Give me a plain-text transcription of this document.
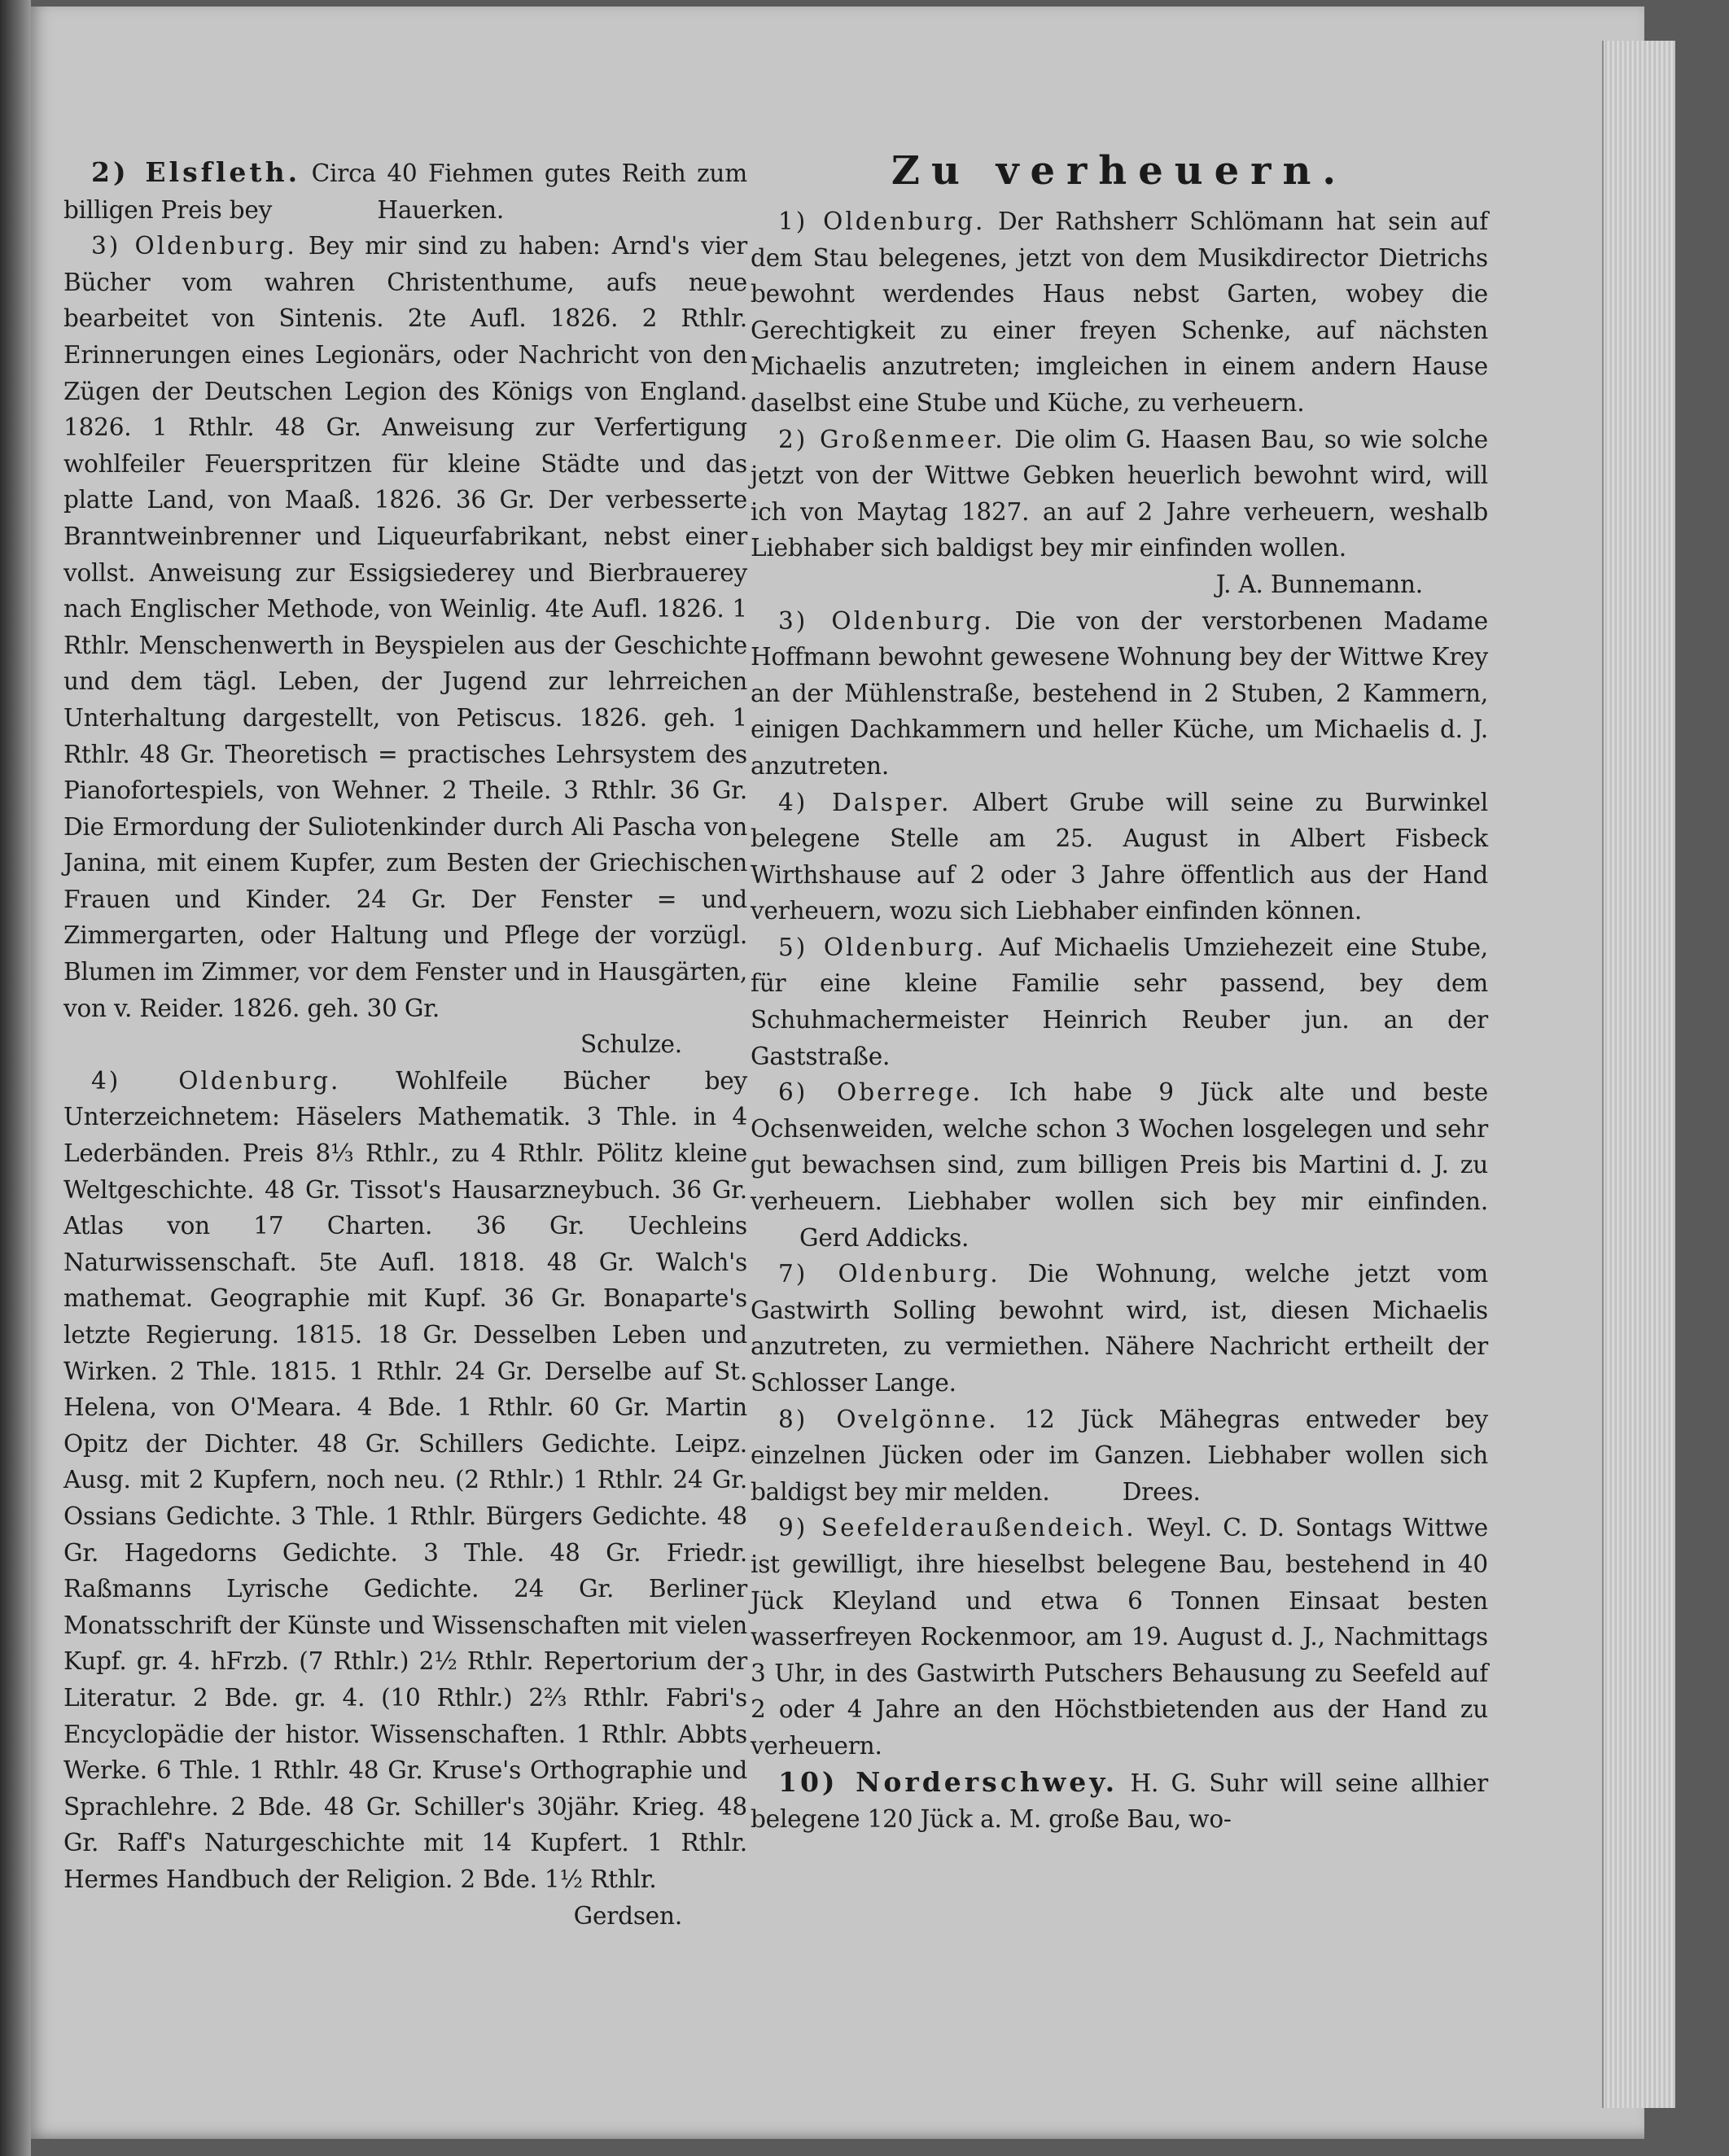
2) Elsfleth. Circa 40 Fiehmen gutes Reith zum billigen Preis bey	Hauerken.

3) Oldenburg. Bey mir sind zu haben: Arnd's vier Bücher vom wahren Christenthume, aufs neue bearbeitet von Sintenis. 2te Aufl. 1826. 2 Rthlr. Erinnerungen eines Legionärs, oder Nachricht von den Zügen der Deutschen Legion des Königs von England. 1826. 1 Rthlr. 48 Gr. Anweisung zur Verfertigung wohlfeiler Feuerspritzen für kleine Städte und das platte Land, von Maaß. 1826. 36 Gr. Der verbesserte Branntweinbrenner und Liqueurfabrikant, nebst einer vollst. Anweisung zur Essigsiederey und Bierbrauerey nach Englischer Methode, von Weinlig. 4te Aufl. 1826. 1 Rthlr. Menschenwerth in Beyspielen aus der Geschichte und dem tägl. Leben, der Jugend zur lehrreichen Unterhaltung dargestellt, von Petiscus. 1826. geh. 1 Rthlr. 48 Gr. Theoretisch = practisches Lehrsystem des Pianofortespiels, von Wehner. 2 Theile. 3 Rthlr. 36 Gr. Die Ermordung der Suliotenkinder durch Ali Pascha von Janina, mit einem Kupfer, zum Besten der Griechischen Frauen und Kinder. 24 Gr. Der Fenster = und Zimmergarten, oder Haltung und Pflege der vorzügl. Blumen im Zimmer, vor dem Fenster und in Hausgärten, von v. Reider. 1826. geh. 30 Gr.

Schulze.

4) Oldenburg. Wohlfeile Bücher bey Unterzeichnetem: Häselers Mathematik. 3 Thle. in 4 Lederbänden. Preis 8⅓ Rthlr., zu 4 Rthlr. Pölitz kleine Weltgeschichte. 48 Gr. Tissot's Hausarzneybuch. 36 Gr. Atlas von 17 Charten. 36 Gr. Uechleins Naturwissenschaft. 5te Aufl. 1818. 48 Gr. Walch's mathemat. Geographie mit Kupf. 36 Gr. Bonaparte's letzte Regierung. 1815. 18 Gr. Desselben Leben und Wirken. 2 Thle. 1815. 1 Rthlr. 24 Gr. Derselbe auf St. Helena, von O'Meara. 4 Bde. 1 Rthlr. 60 Gr. Martin Opitz der Dichter. 48 Gr. Schillers Gedichte. Leipz. Ausg. mit 2 Kupfern, noch neu. (2 Rthlr.) 1 Rthlr. 24 Gr. Ossians Gedichte. 3 Thle. 1 Rthlr. Bürgers Gedichte. 48 Gr. Hagedorns Gedichte. 3 Thle. 48 Gr. Friedr. Raßmanns Lyrische Gedichte. 24 Gr. Berliner Monatsschrift der Künste und Wissenschaften mit vielen Kupf. gr. 4. hFrzb. (7 Rthlr.) 2½ Rthlr. Repertorium der Literatur. 2 Bde. gr. 4. (10 Rthlr.) 2⅔ Rthlr. Fabri's Encyclopädie der histor. Wissenschaften. 1 Rthlr. Abbts Werke. 6 Thle. 1 Rthlr. 48 Gr. Kruse's Orthographie und Sprachlehre. 2 Bde. 48 Gr. Schiller's 30jähr. Krieg. 48 Gr. Raff's Naturgeschichte mit 14 Kupfert. 1 Rthlr. Hermes Handbuch der Religion. 2 Bde. 1½ Rthlr.

Gerdsen.

Zu verheuern.

1) Oldenburg. Der Rathsherr Schlömann hat sein auf dem Stau belegenes, jetzt von dem Musikdirector Dietrichs bewohnt werdendes Haus nebst Garten, wobey die Gerechtigkeit zu einer freyen Schenke, auf nächsten Michaelis anzutreten; imgleichen in einem andern Hause daselbst eine Stube und Küche, zu verheuern.

2) Großenmeer. Die olim G. Haasen Bau, so wie solche jetzt von der Wittwe Gebken heuerlich bewohnt wird, will ich von Maytag 1827. an auf 2 Jahre verheuern, weshalb Liebhaber sich baldigst bey mir einfinden wollen.

J. A. Bunnemann.

3) Oldenburg. Die von der verstorbenen Madame Hoffmann bewohnt gewesene Wohnung bey der Wittwe Krey an der Mühlenstraße, bestehend in 2 Stuben, 2 Kammern, einigen Dachkammern und heller Küche, um Michaelis d. J. anzutreten.

4) Dalsper. Albert Grube will seine zu Burwinkel belegene Stelle am 25. August in Albert Fisbeck Wirthshause auf 2 oder 3 Jahre öffentlich aus der Hand verheuern, wozu sich Liebhaber einfinden können.

5) Oldenburg. Auf Michaelis Umziehezeit eine Stube, für eine kleine Familie sehr passend, bey dem Schuhmachermeister Heinrich Reuber jun. an der Gaststraße.

6) Oberrege. Ich habe 9 Jück alte und beste Ochsenweiden, welche schon 3 Wochen losgelegen und sehr gut bewachsen sind, zum billigen Preis bis Martini d. J. zu verheuern. Liebhaber wollen sich bey mir einfinden. Gerd Addicks.

7) Oldenburg. Die Wohnung, welche jetzt vom Gastwirth Solling bewohnt wird, ist, diesen Michaelis anzutreten, zu vermiethen. Nähere Nachricht ertheilt der Schlosser Lange.

8) Ovelgönne. 12 Jück Mähegras entweder bey einzelnen Jücken oder im Ganzen. Liebhaber wollen sich baldigst bey mir melden.	Drees.

9) Seefelderaußendeich. Weyl. C. D. Sontags Wittwe ist gewilligt, ihre hieselbst belegene Bau, bestehend in 40 Jück Kleyland und etwa 6 Tonnen Einsaat besten wasserfreyen Rockenmoor, am 19. August d. J., Nachmittags 3 Uhr, in des Gastwirth Putschers Behausung zu Seefeld auf 2 oder 4 Jahre an den Höchstbietenden aus der Hand zu verheuern.

10) Norderschwey. H. G. Suhr will seine allhier belegene 120 Jück a. M. große Bau, wo-
